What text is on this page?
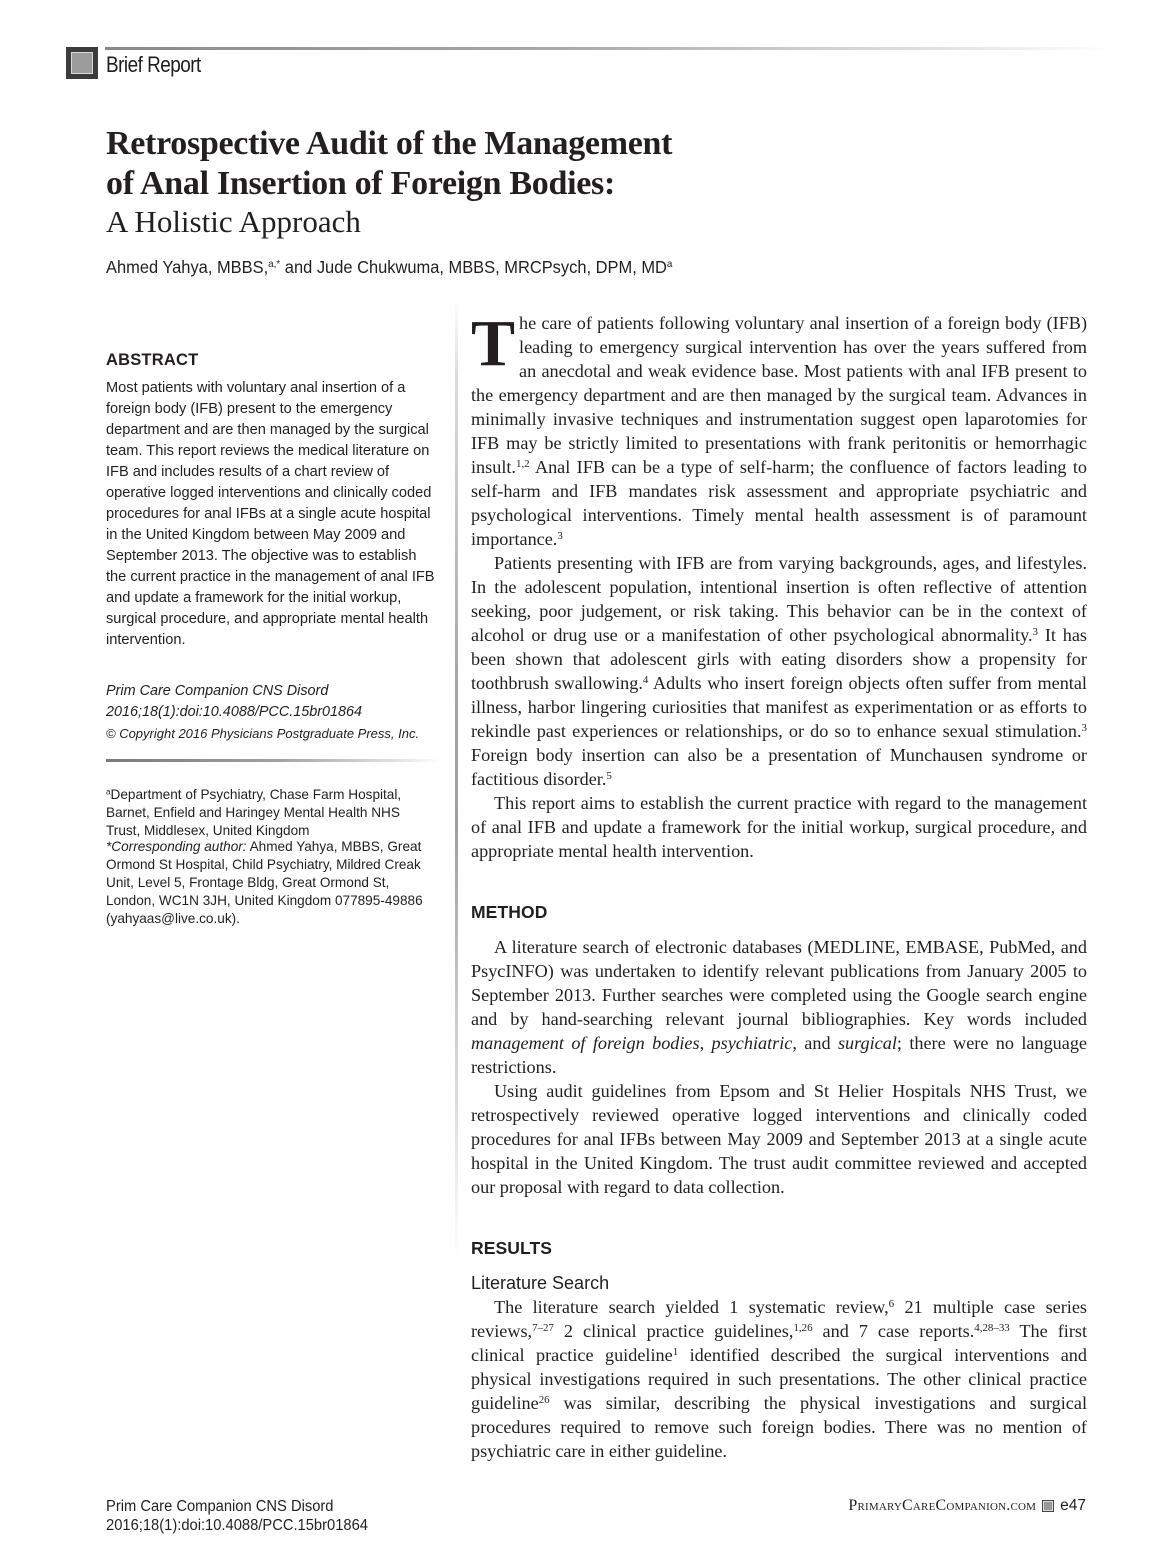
Brief Report
Retrospective Audit of the Management
of Anal Insertion of Foreign Bodies:
A Holistic Approach
Ahmed Yahya, MBBS,$^{a,*}$ and Jude Chukwuma, MBBS, MRCPsych, DPM, $MD^a$
ABSTRACT
Most patients with voluntary anal insertion of a foreign body (IFB) present to the emergency department and are then managed by the surgical team. This report reviews the medical literature on IFB and includes results of a chart review of operative logged interventions and clinically coded procedures for anal IFBs at a single acute hospital in the United Kingdom between May 2009 and September 2013. The objective was to establish the current practice in the management of anal IFB and update a framework for the initial workup, surgical procedure, and appropriate mental health intervention.
Prim Care Companion CNS Disord
2016;18(1):doi:10.4088/PCC.15br01864
© Copyright 2016 Physicians Postgraduate Press, Inc.
$^a$Department of Psychiatry, Chase Farm Hospital, Barnet, Enfield and Haringey Mental Health NHS Trust, Middlesex, United Kingdom
*Corresponding author: Ahmed Yahya, MBBS, Great Ormond St Hospital, Child Psychiatry, Mildred Creak Unit, Level 5, Frontage Bldg, Great Ormond St, London, WC1N 3JH, United Kingdom 077895-49886 (yahyaas@live.co.uk).

The care of patients following voluntary anal insertion of a foreign body (IFB) leading to emergency surgical intervention has over the years suffered from an anecdotal and weak evidence base. Most patients with anal IFB present to the emergency department and are then managed by the surgical team. Advances in minimally invasive techniques and instrumentation suggest open laparotomies for IFB may be strictly limited to presentations with frank peritonitis or hemorrhagic insult.$^{1,2}$ Anal IFB can be a type of self-harm; the confluence of factors leading to self-harm and IFB mandates risk assessment and appropriate psychiatric and psychological interventions. Timely mental health assessment is of paramount importance.$^3$

Patients presenting with IFB are from varying backgrounds, ages, and lifestyles. In the adolescent population, intentional insertion is often reflective of attention seeking, poor judgement, or risk taking. This behavior can be in the context of alcohol or drug use or a manifestation of other psychological abnormality.$^3$ It has been shown that adolescent girls with eating disorders show a propensity for toothbrush swallowing.$^4$ Adults who insert foreign objects often suffer from mental illness, harbor lingering curiosities that manifest as experimentation or as efforts to rekindle past experiences or relationships, or do so to enhance sexual stimulation.$^3$ Foreign body insertion can also be a presentation of Munchausen syndrome or factitious disorder.$^5$

This report aims to establish the current practice with regard to the management of anal IFB and update a framework for the initial workup, surgical procedure, and appropriate mental health intervention.

METHOD

A literature search of electronic databases (MEDLINE, EMBASE, PubMed, and PsycINFO) was undertaken to identify relevant publications from January 2005 to September 2013. Further searches were completed using the Google search engine and by hand-searching relevant journal bibliographies. Key words included management of foreign bodies, psychiatric, and surgical; there were no language restrictions.

Using audit guidelines from Epsom and St Helier Hospitals NHS Trust, we retrospectively reviewed operative logged interventions and clinically coded procedures for anal IFBs between May 2009 and September 2013 at a single acute hospital in the United Kingdom. The trust audit committee reviewed and accepted our proposal with regard to data collection.

RESULTS
Literature Search

The literature search yielded 1 systematic review,$^6$ 21 multiple case series reviews,$^{7-27}$ 2 clinical practice guidelines,$^{1,26}$ and 7 case reports.$^{4,28-33}$ The first clinical practice guideline$^1$ identified described the surgical interventions and physical investigations required in such presentations. The other clinical practice guideline$^{26}$ was similar, describing the physical investigations and surgical procedures required to remove such foreign bodies. There was no mention of psychiatric care in either guideline.

Prim Care Companion CNS Disord
2016;18(1):doi:10.4088/PCC.15br01864
PrimaryCareCompanion.com e47
